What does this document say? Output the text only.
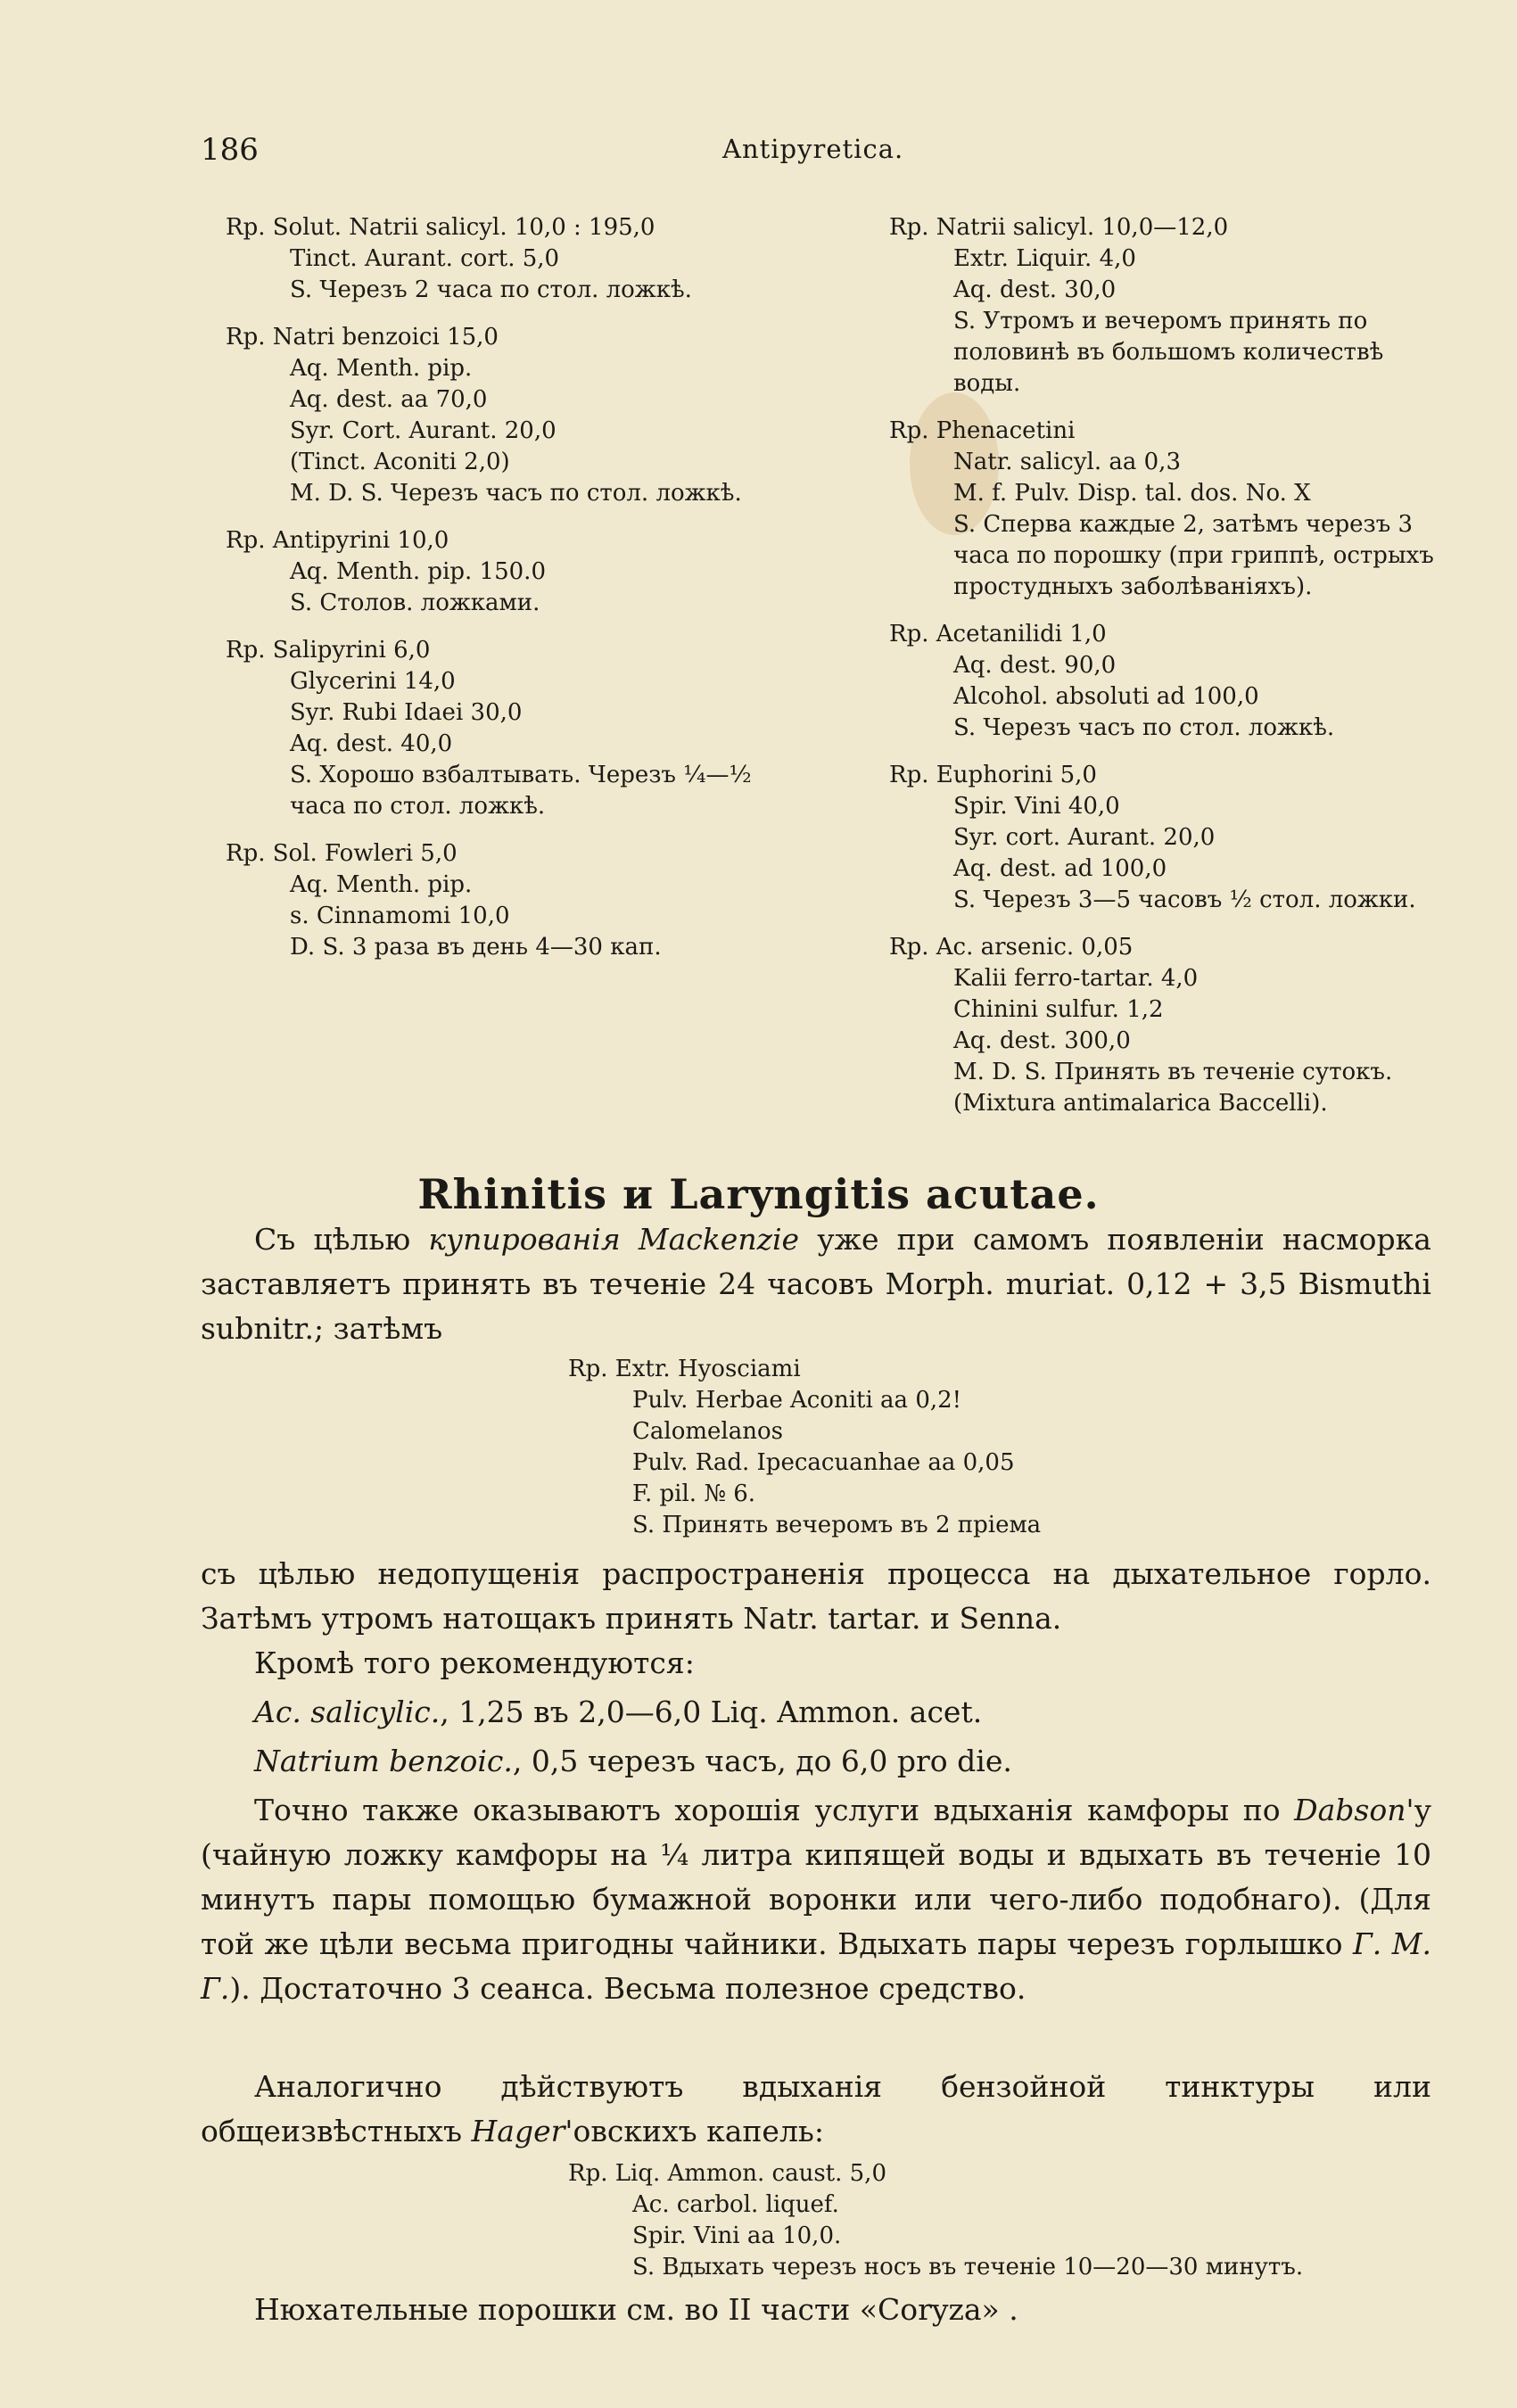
186	Antipyretica.
Rp. Solut. Natrii salicyl. 10,0 : 195,0
Tinct. Aurant. cort. 5,0
S. Черезъ 2 часа по стол. ложкѣ.
Rp. Natri benzoici 15,0
Aq. Menth. pip.
Aq. dest. aa 70,0
Syr. Cort. Aurant. 20,0
(Tinct. Aconiti 2,0)
M. D. S. Черезъ часъ по стол. ложкѣ.
Rp. Antipyrini 10,0
Aq. Menth. pip. 150.0
S. Столов. ложками.
Rp. Salipyrini 6,0
Glycerini 14,0
Syr. Rubi Idaei 30,0
Aq. dest. 40,0
S. Хорошо взбалтывать. Черезъ ¼—½ часа по стол. ложкѣ.
Rp. Sol. Fowleri 5,0
Aq. Menth. pip.
s. Cinnamomi 10,0
D. S. 3 раза въ день 4—30 кап.
Rp. Natrii salicyl. 10,0—12,0
Extr. Liquir. 4,0
Aq. dest. 30,0
S. Утромъ и вечеромъ принять по половинѣ въ большомъ количествѣ воды.
Rp. Phenacetini
Natr. salicyl. aa 0,3
M. f. Pulv. Disp. tal. dos. No. X
S. Сперва каждые 2, затѣмъ черезъ 3 часа по порошку (при гриппѣ, острыхъ простудныхъ заболѣваніяхъ).
Rp. Acetanilidi 1,0
Aq. dest. 90,0
Alcohol. absoluti ad 100,0
S. Черезъ часъ по стол. ложкѣ.
Rp. Euphorini 5,0
Spir. Vini 40,0
Syr. cort. Aurant. 20,0
Aq. dest. ad 100,0
S. Черезъ 3—5 часовъ ½ стол. ложки.
Rp. Ac. arsenic. 0,05
Kalii ferro-tartar. 4,0
Chinini sulfur. 1,2
Aq. dest. 300,0
M. D. S. Принять въ теченіе сутокъ.
(Mixtura antimalarica Baccelli).
Rhinitis и Laryngitis acutae.
Съ цѣлью купированія Mackenzie уже при самомъ появленіи насморка заставляетъ принять въ теченіе 24 часовъ Morph. muriat. 0,12 + 3,5 Bismuthi subnitr.; затѣмъ
Rp. Extr. Hyosciami
Pulv. Herbae Aconiti aa 0,2!
Calomelanos
Pulv. Rad. Ipecacuanhae aa 0,05
F. pil. № 6.
S. Принять вечеромъ въ 2 пріема
съ цѣлью недопущенія распространенія процесса на дыхательное горло. Затѣмъ утромъ натощакъ принять Natr. tartar. и Senna.
Кромѣ того рекомендуются:
Ac. salicylic., 1,25 въ 2,0—6,0 Liq. Ammon. acet.
Natrium benzoic., 0,5 черезъ часъ, до 6,0 pro die.
Точно также оказываютъ хорошія услуги вдыханія камфоры по Dabson'у (чайную ложку камфоры на ¼ литра кипящей воды и вдыхать въ теченіе 10 минутъ пары помощью бумажной воронки или чего-либо подобнаго). (Для той же цѣли весьма пригодны чайники. Вдыхать пары черезъ горлышко Г. М. Г.). Достаточно 3 сеанса. Весьма полезное средство.
Аналогично дѣйствуютъ вдыханія бензойной тинктуры или общеизвѣстныхъ Hager'овскихъ капель:
Rp. Liq. Ammon. caust. 5,0
Ac. carbol. liquef.
Spir. Vini aa 10,0.
S. Вдыхать черезъ носъ въ теченіе 10—20—30 минутъ.
Нюхательные порошки см. во II части «Coryza» .
